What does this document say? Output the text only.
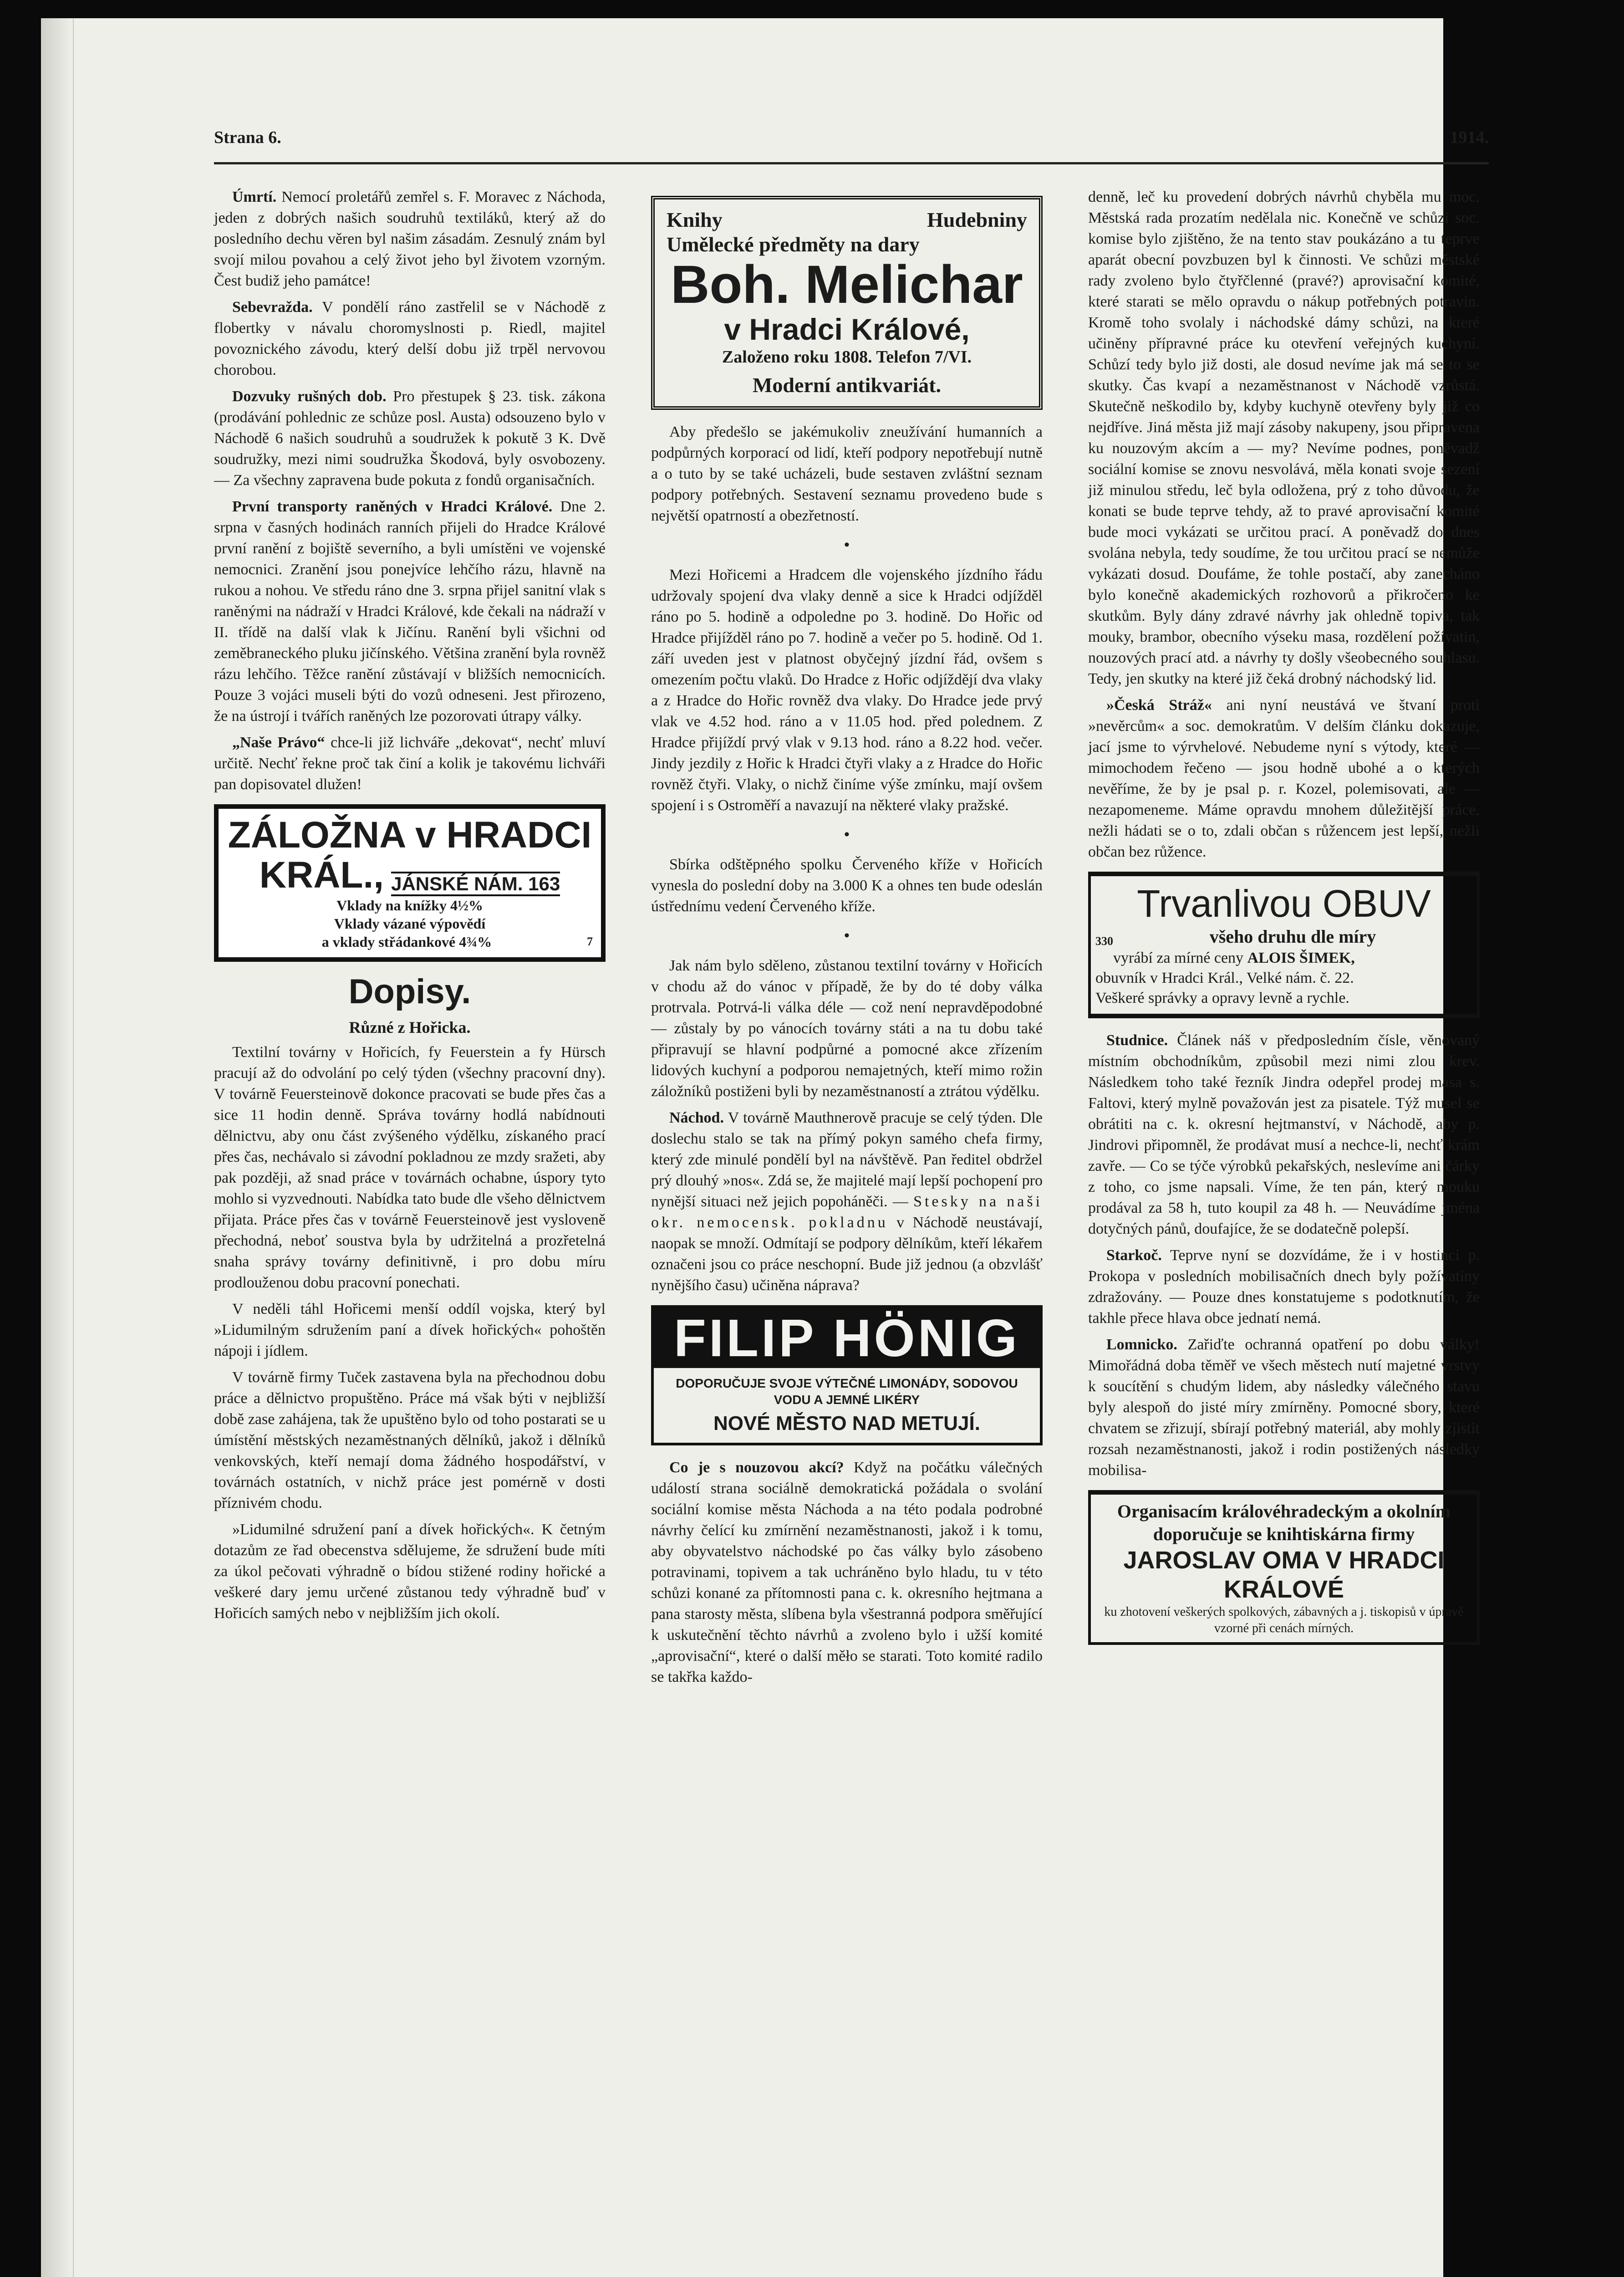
Strana 6.	1914.

Úmrtí. Nemocí proletářů zemřel s. F. Moravec z Náchoda, jeden z dobrých našich soudruhů textiláků, který až do posledního dechu věren byl našim zásadám. Zesnulý znám byl svojí milou povahou a celý život jeho byl životem vzorným. Čest budiž jeho památce!

Sebevražda. V pondělí ráno zastřelil se v Náchodě z flobertky v návalu choromyslnosti p. Riedl, majitel povoznického závodu, který delší dobu již trpěl nervovou chorobou.

Dozvuky rušných dob. Pro přestupek § 23. tisk. zákona (prodávání pohlednic ze schůze posl. Austa) odsouzeno bylo v Náchodě 6 našich soudruhů a soudružek k pokutě 3 K. Dvě soudružky, mezi nimi soudružka Škodová, byly osvobozeny. — Za všechny zapravena bude pokuta z fondů organisačních.

První transporty raněných v Hradci Králové. Dne 2. srpna v časných hodinách ranních přijeli do Hradce Králové první ranění z bojiště severního, a byli umístěni ve vojenské nemocnici. Zranění jsou ponejvíce lehčího rázu, hlavně na rukou a nohou. Ve středu ráno dne 3. srpna přijel sanitní vlak s raněnými na nádraží v Hradci Králové, kde čekali na nádraží v II. třídě na další vlak k Jičínu. Ranění byli všichni od zeměbraneckého pluku jičínského. Většina zranění byla rovněž rázu lehčího. Těžce ranění zůstávají v bližších nemocnicích. Pouze 3 vojáci museli býti do vozů odneseni. Jest přirozeno, že na ústrojí i tvářích raněných lze pozorovati útrapy války.

„Naše Právo“ chce-li již lichváře „dekovat“, nechť mluví určitě. Nechť řekne proč tak činí a kolik je takovému lichváři pan dopisovatel dlužen!

ZÁLOŽNA v HRADCI
KRÁL., JÁNSKÉ NÁM. 163
Vklady na knížky 4½%
Vklady vázané výpovědí
a vklady střádankové 4¾%	7
Dopisy.
Různé z Hořicka.

Textilní továrny v Hořicích, fy Feuerstein a fy Hürsch pracují až do odvolání po celý týden (všechny pracovní dny). V továrně Feuersteinově dokonce pracovati se bude přes čas a sice 11 hodin denně. Správa továrny hodlá nabídnouti dělnictvu, aby onu část zvýšeného výdělku, získaného prací přes čas, nechávalo si závodní pokladnou ze mzdy sražeti, aby pak později, až snad práce v továrnách ochabne, úspory tyto mohlo si vyzvednouti. Nabídka tato bude dle všeho dělnictvem přijata. Práce přes čas v továrně Feuersteinově jest vysloveně přechodná, neboť soustva byla by udržitelná a prozřetelná snaha správy továrny definitivně, i pro dobu míru prodlouženou dobu pracovní ponechati.

V neděli táhl Hořicemi menší oddíl vojska, který byl »Lidumilným sdružením paní a dívek hořických« pohoštěn nápoji i jídlem.

V továrně firmy Tuček zastavena byla na přechodnou dobu práce a dělnictvo propuštěno. Práce má však býti v nejbližší době zase zahájena, tak že upuštěno bylo od toho postarati se u úmístění městských nezaměstnaných dělníků, jakož i dělníků venkovských, kteří nemají doma žádného hospodářství, v továrnách ostatních, v nichž práce jest pomérně v dosti příznivém chodu.

»Lidumilné sdružení paní a dívek hořických«. K četným dotazům ze řad obecenstva sdělujeme, že sdružení bude míti za úkol pečovati výhradně o bídou stižené rodiny hořické a veškeré dary jemu určené zůstanou tedy výhradně buď v Hořicích samých nebo v nejbližším jich okolí.

Knihy	Hudebniny
Umělecké předměty na dary
Boh. Melichar
v Hradci Králové,
Založeno roku 1808. Telefon 7/VI.
Moderní antikvariát.

Aby předešlo se jakémukoliv zneužívání humanních a podpůrných korporací od lidí, kteří podpory nepotřebují nutně a o tuto by se také ucházeli, bude sestaven zvláštní seznam podpory potřebných. Sestavení seznamu provedeno bude s největší opatrností a obezřetností.

•

Mezi Hořicemi a Hradcem dle vojenského jízdního řádu udržovaly spojení dva vlaky denně a sice k Hradci odjížděl ráno po 5. hodině a odpoledne po 3. hodině. Do Hořic od Hradce přijížděl ráno po 7. hodině a večer po 5. hodině. Od 1. září uveden jest v platnost obyčejný jízdní řád, ovšem s omezením počtu vlaků. Do Hradce z Hořic odjíždějí dva vlaky a z Hradce do Hořic rovněž dva vlaky. Do Hradce jede prvý vlak ve 4.52 hod. ráno a v 11.05 hod. před polednem. Z Hradce přijíždí prvý vlak v 9.13 hod. ráno a 8.22 hod. večer. Jindy jezdily z Hořic k Hradci čtyři vlaky a z Hradce do Hořic rovněž čtyři. Vlaky, o nichž činíme výše zmínku, mají ovšem spojení i s Ostroměří a navazují na některé vlaky pražské.

•

Sbírka odštěpného spolku Červeného kříže v Hořicích vynesla do poslední doby na 3.000 K a ohnes ten bude odeslán ústřednímu vedení Červeného kříže.

•

Jak nám bylo sděleno, zůstanou textilní továrny v Hořicích v chodu až do vánoc v případě, že by do té doby válka protrvala. Potrvá-li válka déle — což není nepravděpodobné — zůstaly by po vánocích továrny státi a na tu dobu také připravují se hlavní podpůrné a pomocné akce zřízením lidových kuchyní a podporou nemajetných, kteří mimo rožin záložníků postiženi byli by nezaměstnaností a ztrátou výdělku.

Náchod. V továrně Mauthnerově pracuje se celý týden. Dle doslechu stalo se tak na přímý pokyn samého chefa firmy, který zde minulé pondělí byl na návštěvě. Pan ředitel obdržel prý dlouhý »nos«. Zdá se, že majitelé mají lepší pochopení pro nynější situaci než jejich popoháněči. — Stesky na naši okr. nemocensk. pokladnu v Náchodě neustávají, naopak se množí. Odmítají se podpory dělníkům, kteří lékařem označeni jsou co práce neschopní. Bude již jednou (a obzvlášť nynějšího času) učiněna náprava?

FILIP HÖNIG
DOPORUČUJE SVOJE VÝTEČNÉ LIMONÁDY, SODOVOU VODU A JEMNÉ LIKÉRY
NOVÉ MĚSTO NAD METUJÍ.

Co je s nouzovou akcí? Když na počátku válečných událostí strana sociálně demokratická požádala o svolání sociální komise města Náchoda a na této podala podrobné návrhy čelící ku zmírnění nezaměstnanosti, jakož i k tomu, aby obyvatelstvo náchodské po čas války bylo zásobeno potravinami, topivem a tak uchráněno bylo hladu, tu v této schůzi konané za přítomnosti pana c. k. okresního hejtmana a pana starosty města, slíbena byla všestranná podpora směřující k uskutečnění těchto návrhů a zvoleno bylo i užší komité „aprovisační“, které o další měło se starati. Toto komité radilo se takřka každo-

denně, leč ku provedení dobrých návrhů chyběla mu moc. Městská rada prozatím nedělala nic. Konečně ve schůzi soc. komise bylo zjištěno, že na tento stav poukázáno a tu teprve aparát obecní povzbuzen byl k činnosti. Ve schůzi městské rady zvoleno bylo čtyřčlenné (pravé?) aprovisační komité, které starati se mělo opravdu o nákup potřebných potravin. Kromě toho svolaly i náchodské dámy schůzi, na které učiněny přípravné práce ku otevření veřejných kuchyní. Schůzí tedy bylo již dosti, ale dosud nevíme jak má se to se skutky. Čas kvapí a nezaměstnanost v Náchodě vzrůstá. Skutečně neškodilo by, kdyby kuchyně otevřeny byly již co nejdříve. Jiná města již mají zásoby nakupeny, jsou připravena ku nouzovým akcím a — my? Nevíme podnes, poněvadž sociální komise se znovu nesvolává, měla konati svoje sezení již minulou středu, leč byla odložena, prý z toho důvodu, že konati se bude teprve tehdy, až to pravé aprovisační komité bude moci vykázati se určitou prací. A poněvadž do dnes svolána nebyla, tedy soudíme, že tou určitou prací se nemůže vykázati dosud. Doufáme, že tohle postačí, aby zanecháno bylo konečně akademických rozhovorů a přikročeno ke skutkům. Byly dány zdravé návrhy jak ohledně topiva, tak mouky, brambor, obecního výseku masa, rozdělení požívatin, nouzových prací atd. a návrhy ty došly všeobecného souhlasu. Tedy, jen skutky na které již čeká drobný náchodský lid.

»Česká Stráž« ani nyní neustává ve štvaní proti »nevěrcům« a soc. demokratům. V delším článku dokazuje, jací jsme to výrvhelové. Nebudeme nyní s výtody, které — mimochodem řečeno — jsou hodně ubohé a o kterých nevěříme, že by je psal p. r. Kozel, polemisovati, ale — nezapomeneme. Máme opravdu mnohem důležitější práce, nežli hádati se o to, zdali občan s růžencem jest lepší, nežli občan bez růžence.

Trvanlivou OBUV
330	všeho druhu dle míry
vyrábí za mírné ceny ALOIS ŠIMEK,
obuvník v Hradci Král., Velké nám. č. 22.
Veškeré správky a opravy levně a rychle.

Studnice. Článek náš v předposledním čísle, věnovaný místním obchodníkům, způsobil mezi nimi zlou krev. Následkem toho také řezník Jindra odepřel prodej masa s. Faltovi, který mylně považován jest za pisatele. Týž musel se obrátiti na c. k. okresní hejtmanství, v Náchodě, aby p. Jindrovi připomněl, že prodávat musí a nechce-li, nechť krám zavře. — Co se týče výrobků pekařských, neslevíme ani čárky z toho, co jsme napsali. Víme, že ten pán, který mouku prodával za 58 h, tuto koupil za 48 h. — Neuvádíme jména dotyčných pánů, doufajíce, že se dodatečně polepší.

Starkoč. Teprve nyní se dozvídáme, že i v hostinci p. Prokopa v posledních mobilisačních dnech byly požívatiny zdražovány. — Pouze dnes konstatujeme s podotknutím, že takhle přece hlava obce jednatí nemá.

Lomnicko. Zařiďte ochranná opatření po dobu války! Mimořádná doba těměř ve všech městech nutí majetné vrstvy k soucítění s chudým lidem, aby následky válečného stavu byly alespoň do jisté míry zmírněny. Pomocné sbory, které chvatem se zřizují, sbírají potřebný materiál, aby mohly zjistit rozsah nezaměstnanosti, jakož i rodin postižených následky mobilisa-

Organisacím královéhradeckým a okolním doporučuje se knihtiskárna firmy
JAROSLAV OMA V HRADCI KRÁLOVÉ
ku zhotovení veškerých spolkových, zábavných a j. tiskopisů v úpravě vzorné při cenách mírných.
